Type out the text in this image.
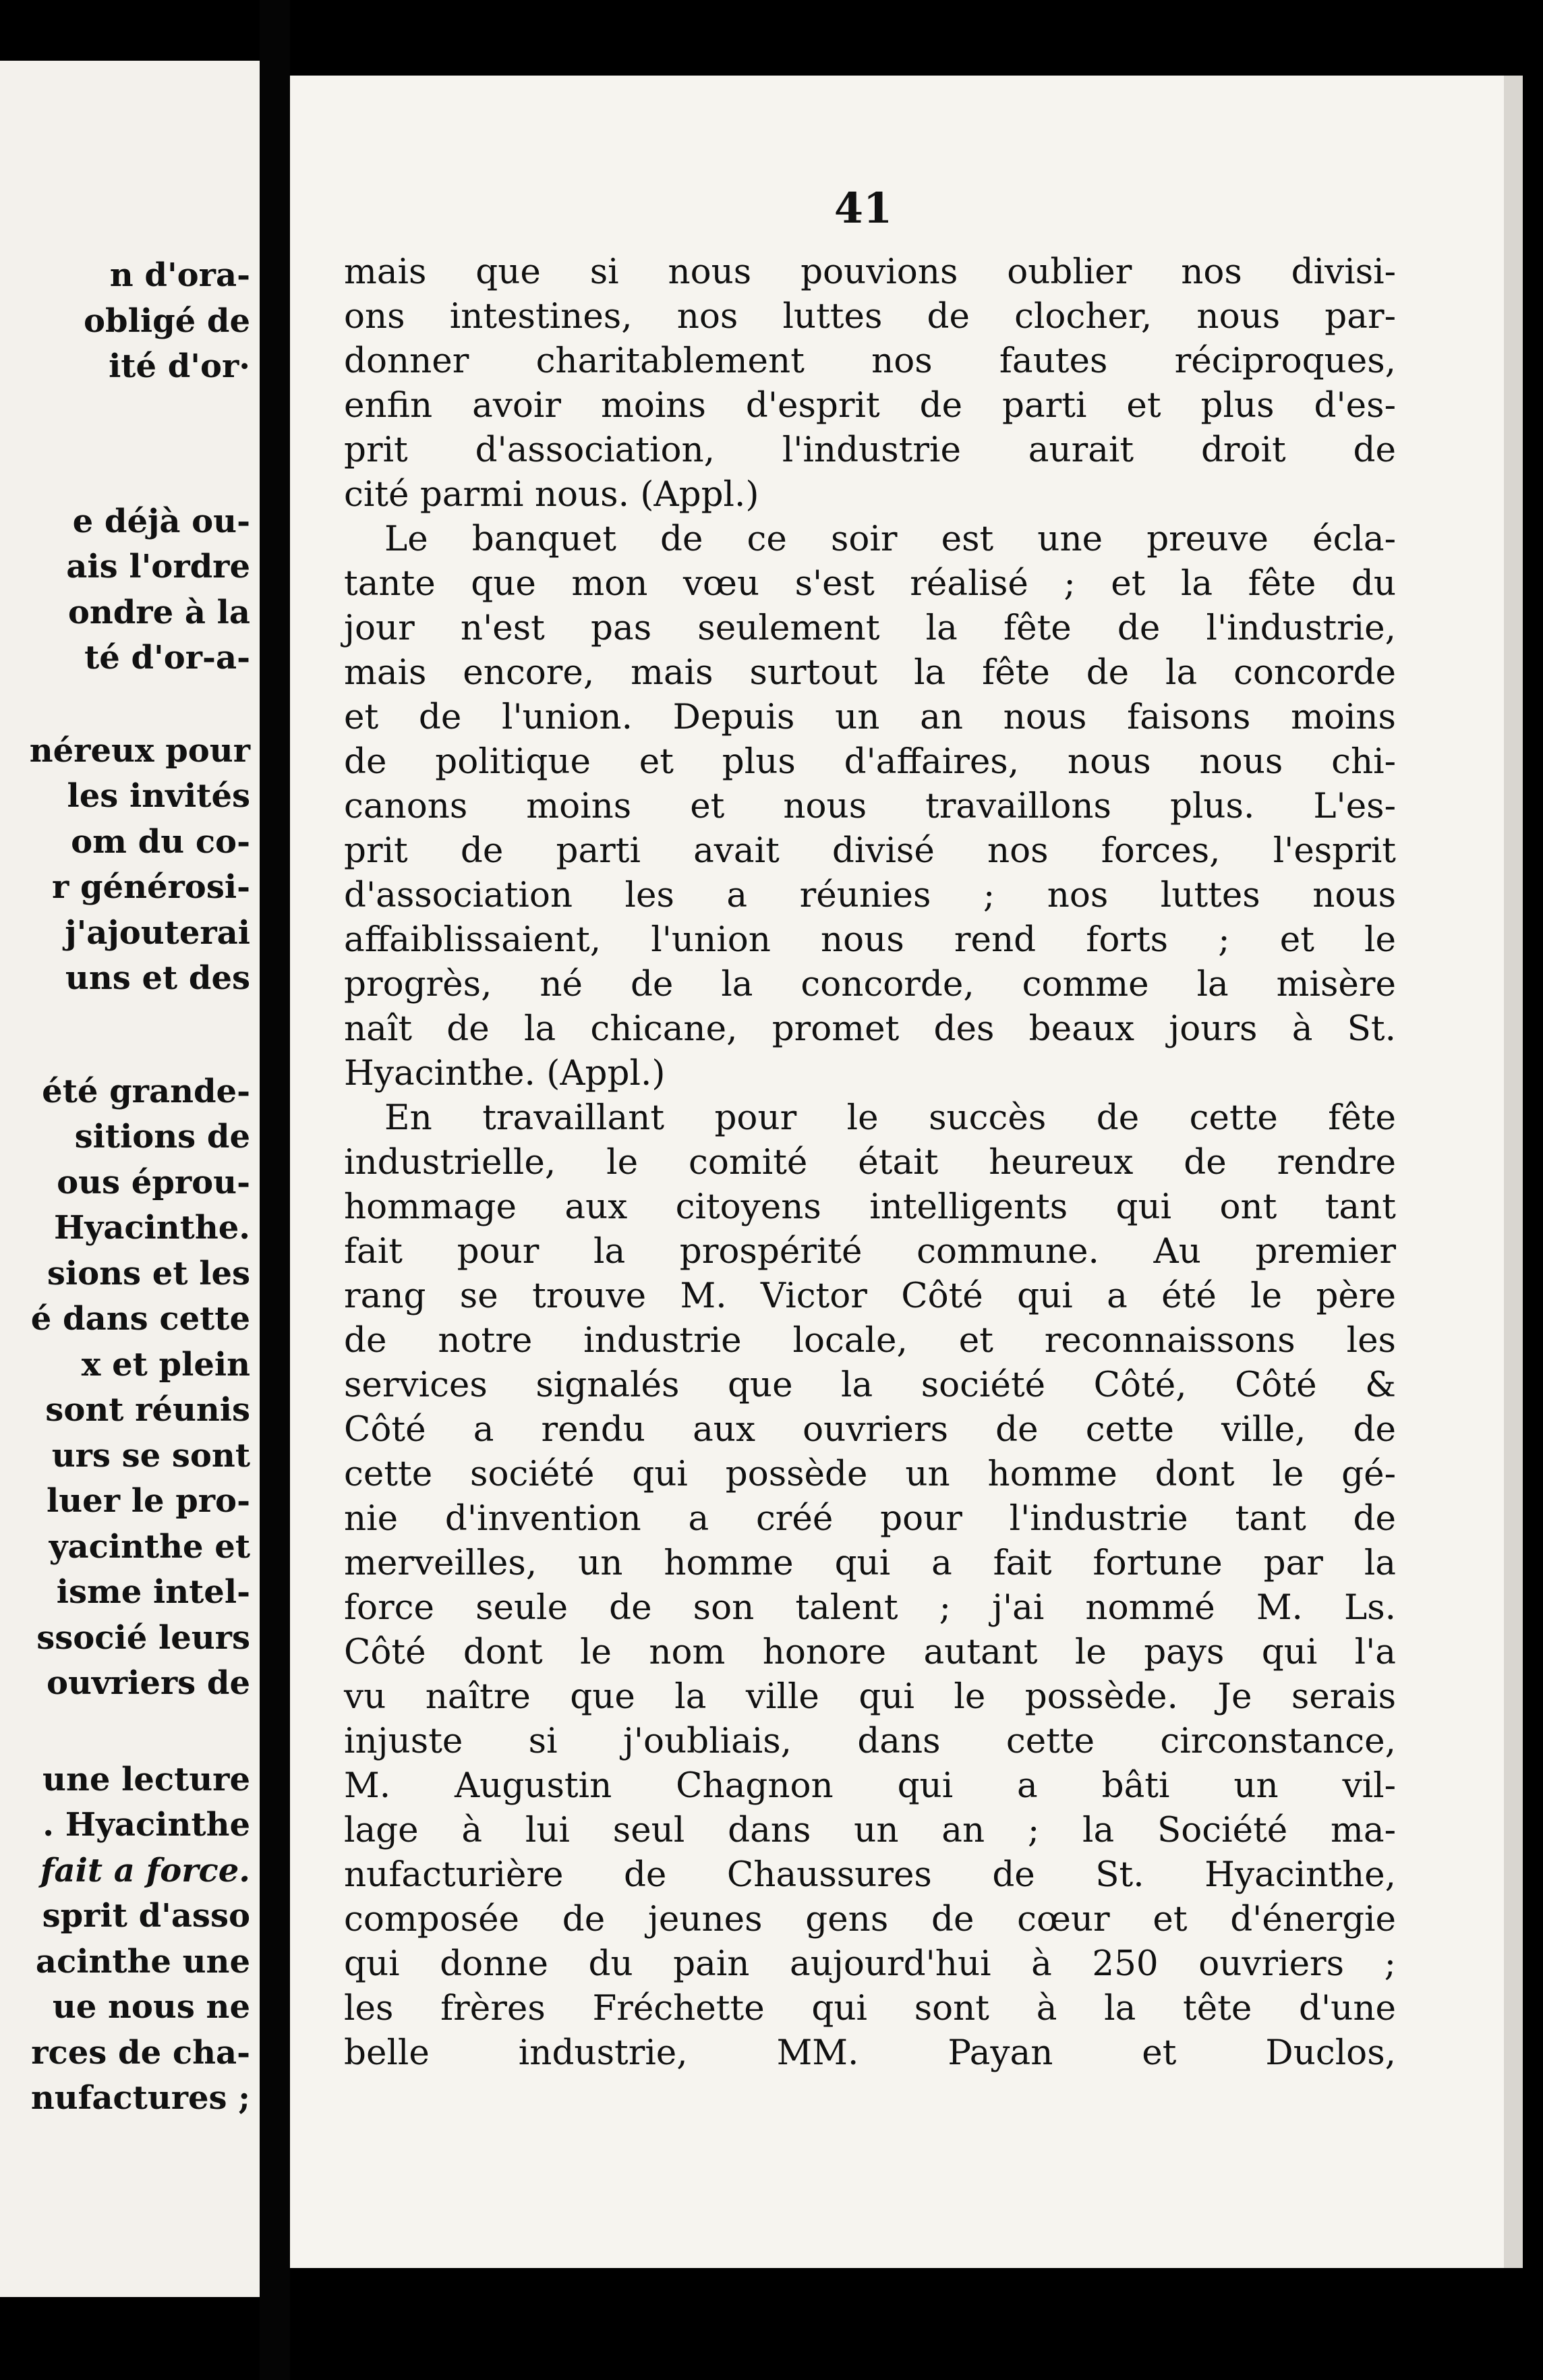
n d'ora-
obligé de
ité d'or·
e déjà ou-
ais l'ordre
ondre à la
té d'or-a-
néreux pour
les invités
om du co-
r générosi-
j'ajouterai
uns et des
été grande-
sitions de
ous éprou-
Hyacinthe.
sions et les
é dans cette
x et plein
sont réunis
urs se sont
luer le pro-
yacinthe et
isme intel-
ssocié leurs
ouvriers de
une lecture
. Hyacinthe
fait a force.
sprit d'asso
acinthe une
ue nous ne
rces de cha-
nufactures ;
41
mais que si nous pouvions oublier nos divisi-
ons intestines, nos luttes de clocher, nous par-
donner charitablement nos fautes réciproques,
enfin avoir moins d'esprit de parti et plus d'es-
prit d'association, l'industrie aurait droit de
cité parmi nous. (Appl.)
Le banquet de ce soir est une preuve écla-
tante que mon vœu s'est réalisé ; et la fête du
jour n'est pas seulement la fête de l'industrie,
mais encore, mais surtout la fête de la concorde
et de l'union. Depuis un an nous faisons moins
de politique et plus d'affaires, nous nous chi-
canons moins et nous travaillons plus. L'es-
prit de parti avait divisé nos forces, l'esprit
d'association les a réunies ; nos luttes nous
affaiblissaient, l'union nous rend forts ; et le
progrès, né de la concorde, comme la misère
naît de la chicane, promet des beaux jours à St.
Hyacinthe. (Appl.)
En travaillant pour le succès de cette fête
industrielle, le comité était heureux de rendre
hommage aux citoyens intelligents qui ont tant
fait pour la prospérité commune. Au premier
rang se trouve M. Victor Côté qui a été le père
de notre industrie locale, et reconnaissons les
services signalés que la société Côté, Côté &
Côté a rendu aux ouvriers de cette ville, de
cette société qui possède un homme dont le gé-
nie d'invention a créé pour l'industrie tant de
merveilles, un homme qui a fait fortune par la
force seule de son talent ; j'ai nommé M. Ls.
Côté dont le nom honore autant le pays qui l'a
vu naître que la ville qui le possède. Je serais
injuste si j'oubliais, dans cette circonstance,
M. Augustin Chagnon qui a bâti un vil-
lage à lui seul dans un an ; la Société ma-
nufacturière de Chaussures de St. Hyacinthe,
composée de jeunes gens de cœur et d'énergie
qui donne du pain aujourd'hui à 250 ouvriers ;
les frères Fréchette qui sont à la tête d'une
belle industrie, MM. Payan et Duclos,
